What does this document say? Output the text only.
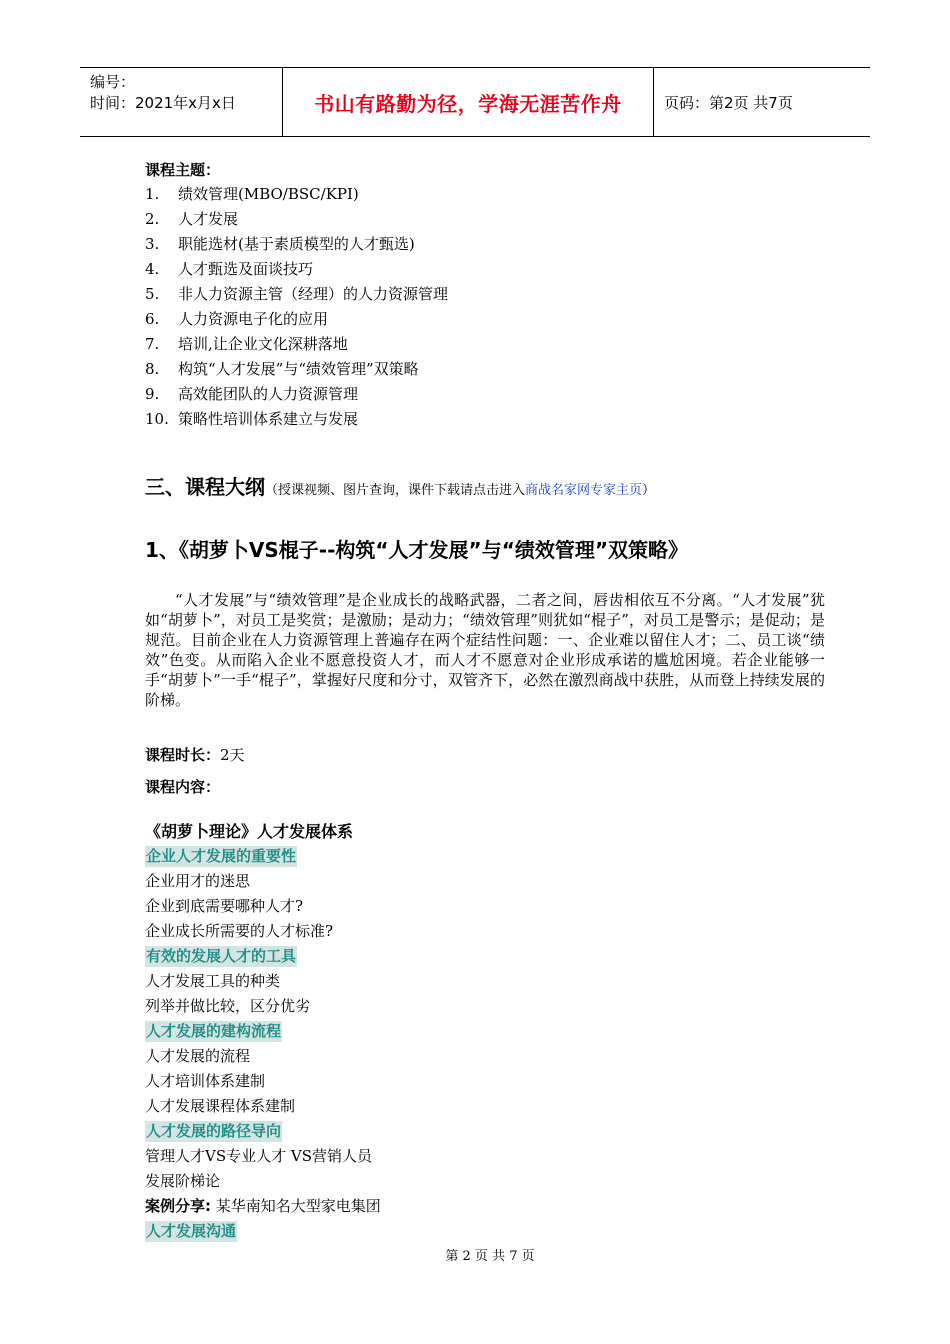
编号：
时间：2021年x月x日	书山有路勤为径，学海无涯苦作舟	页码：第2页 共7页
课程主题：
1.	绩效管理(MBO/BSC/KPI)
2.	人才发展
3.	职能选材(基于素质模型的人才甄选)
4.	人才甄选及面谈技巧
5.	非人力资源主管（经理）的人力资源管理
6.	人力资源电子化的应用
7.	培训,让企业文化深耕落地
8.	构筑“人才发展”与“绩效管理”双策略
9.	高效能团队的人力资源管理
10. 策略性培训体系建立与发展
三、课程大纲（授课视频、图片查询，课件下载请点击进入商战名家网专家主页）
1、《胡萝卜VS棍子--构筑“人才发展”与“绩效管理”双策略》
“人才发展”与“绩效管理”是企业成长的战略武器，二者之间，唇齿相依互不分离。“人才发展”犹如“胡萝卜”，对员工是奖赏；是激励；是动力；“绩效管理”则犹如“棍子”，对员工是警示；是促动；是规范。目前企业在人力资源管理上普遍存在两个症结性问题：一、企业难以留住人才；二、员工谈“绩效”色变。从而陷入企业不愿意投资人才，而人才不愿意对企业形成承诺的尴尬困境。若企业能够一手“胡萝卜”一手“棍子”，掌握好尺度和分寸，双管齐下，必然在激烈商战中获胜，从而登上持续发展的阶梯。
课程时长：2天
课程内容：
《胡萝卜理论》人才发展体系
企业人才发展的重要性
企业用才的迷思
企业到底需要哪种人才?
企业成长所需要的人才标准?
有效的发展人才的工具
人才发展工具的种类
列举并做比较，区分优劣
人才发展的建构流程
人才发展的流程
人才培训体系建制
人才发展课程体系建制
人才发展的路径导向
管理人才VS专业人才 VS营销人员
发展阶梯论
案例分享: 某华南知名大型家电集团
人才发展沟通
第 2 页 共 7 页
